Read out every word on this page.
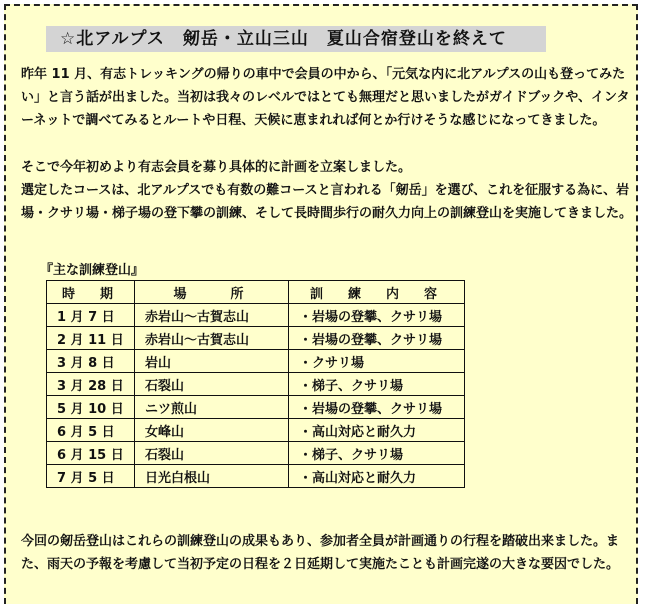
☆北アルプス　剱岳・立山三山　夏山合宿登山を終えて

昨年 11 月、有志トレッキングの帰りの車中で会員の中から、「元気な内に北アルプスの山も登ってみたい」と言う話が出ました。当初は我々のレベルではとても無理だと思いましたがガイドブックや、インターネットで調べてみるとルートや日程、天候に恵まれれば何とか行けそうな感じになってきました。

そこで今年初めより有志会員を募り具体的に計画を立案しました。

選定したコースは、北アルプスでも有数の難コースと言われる「剱岳」を選び、これを征服する為に、岩場・クサリ場・梯子場の登下攀の訓練、そして長時間歩行の耐久力向上の訓練登山を実施してきました。

『主な訓練登山』
時　期	場　　所	訓　練　内　容
1 月 7 日	赤岩山～古賀志山	・岩場の登攀、クサリ場
2 月 11 日	赤岩山～古賀志山	・岩場の登攀、クサリ場
3 月 8 日	岩山	・クサリ場
3 月 28 日	石裂山	・梯子、クサリ場
5 月 10 日	ニツ煎山	・岩場の登攀、クサリ場
6 月 5 日	女峰山	・高山対応と耐久力
6 月 15 日	石裂山	・梯子、クサリ場
7 月 5 日	日光白根山	・高山対応と耐久力

今回の剱岳登山はこれらの訓練登山の成果もあり、参加者全員が計画通りの行程を踏破出来ました。また、雨天の予報を考慮して当初予定の日程を２日延期して実施たことも計画完遂の大きな要因でした。
